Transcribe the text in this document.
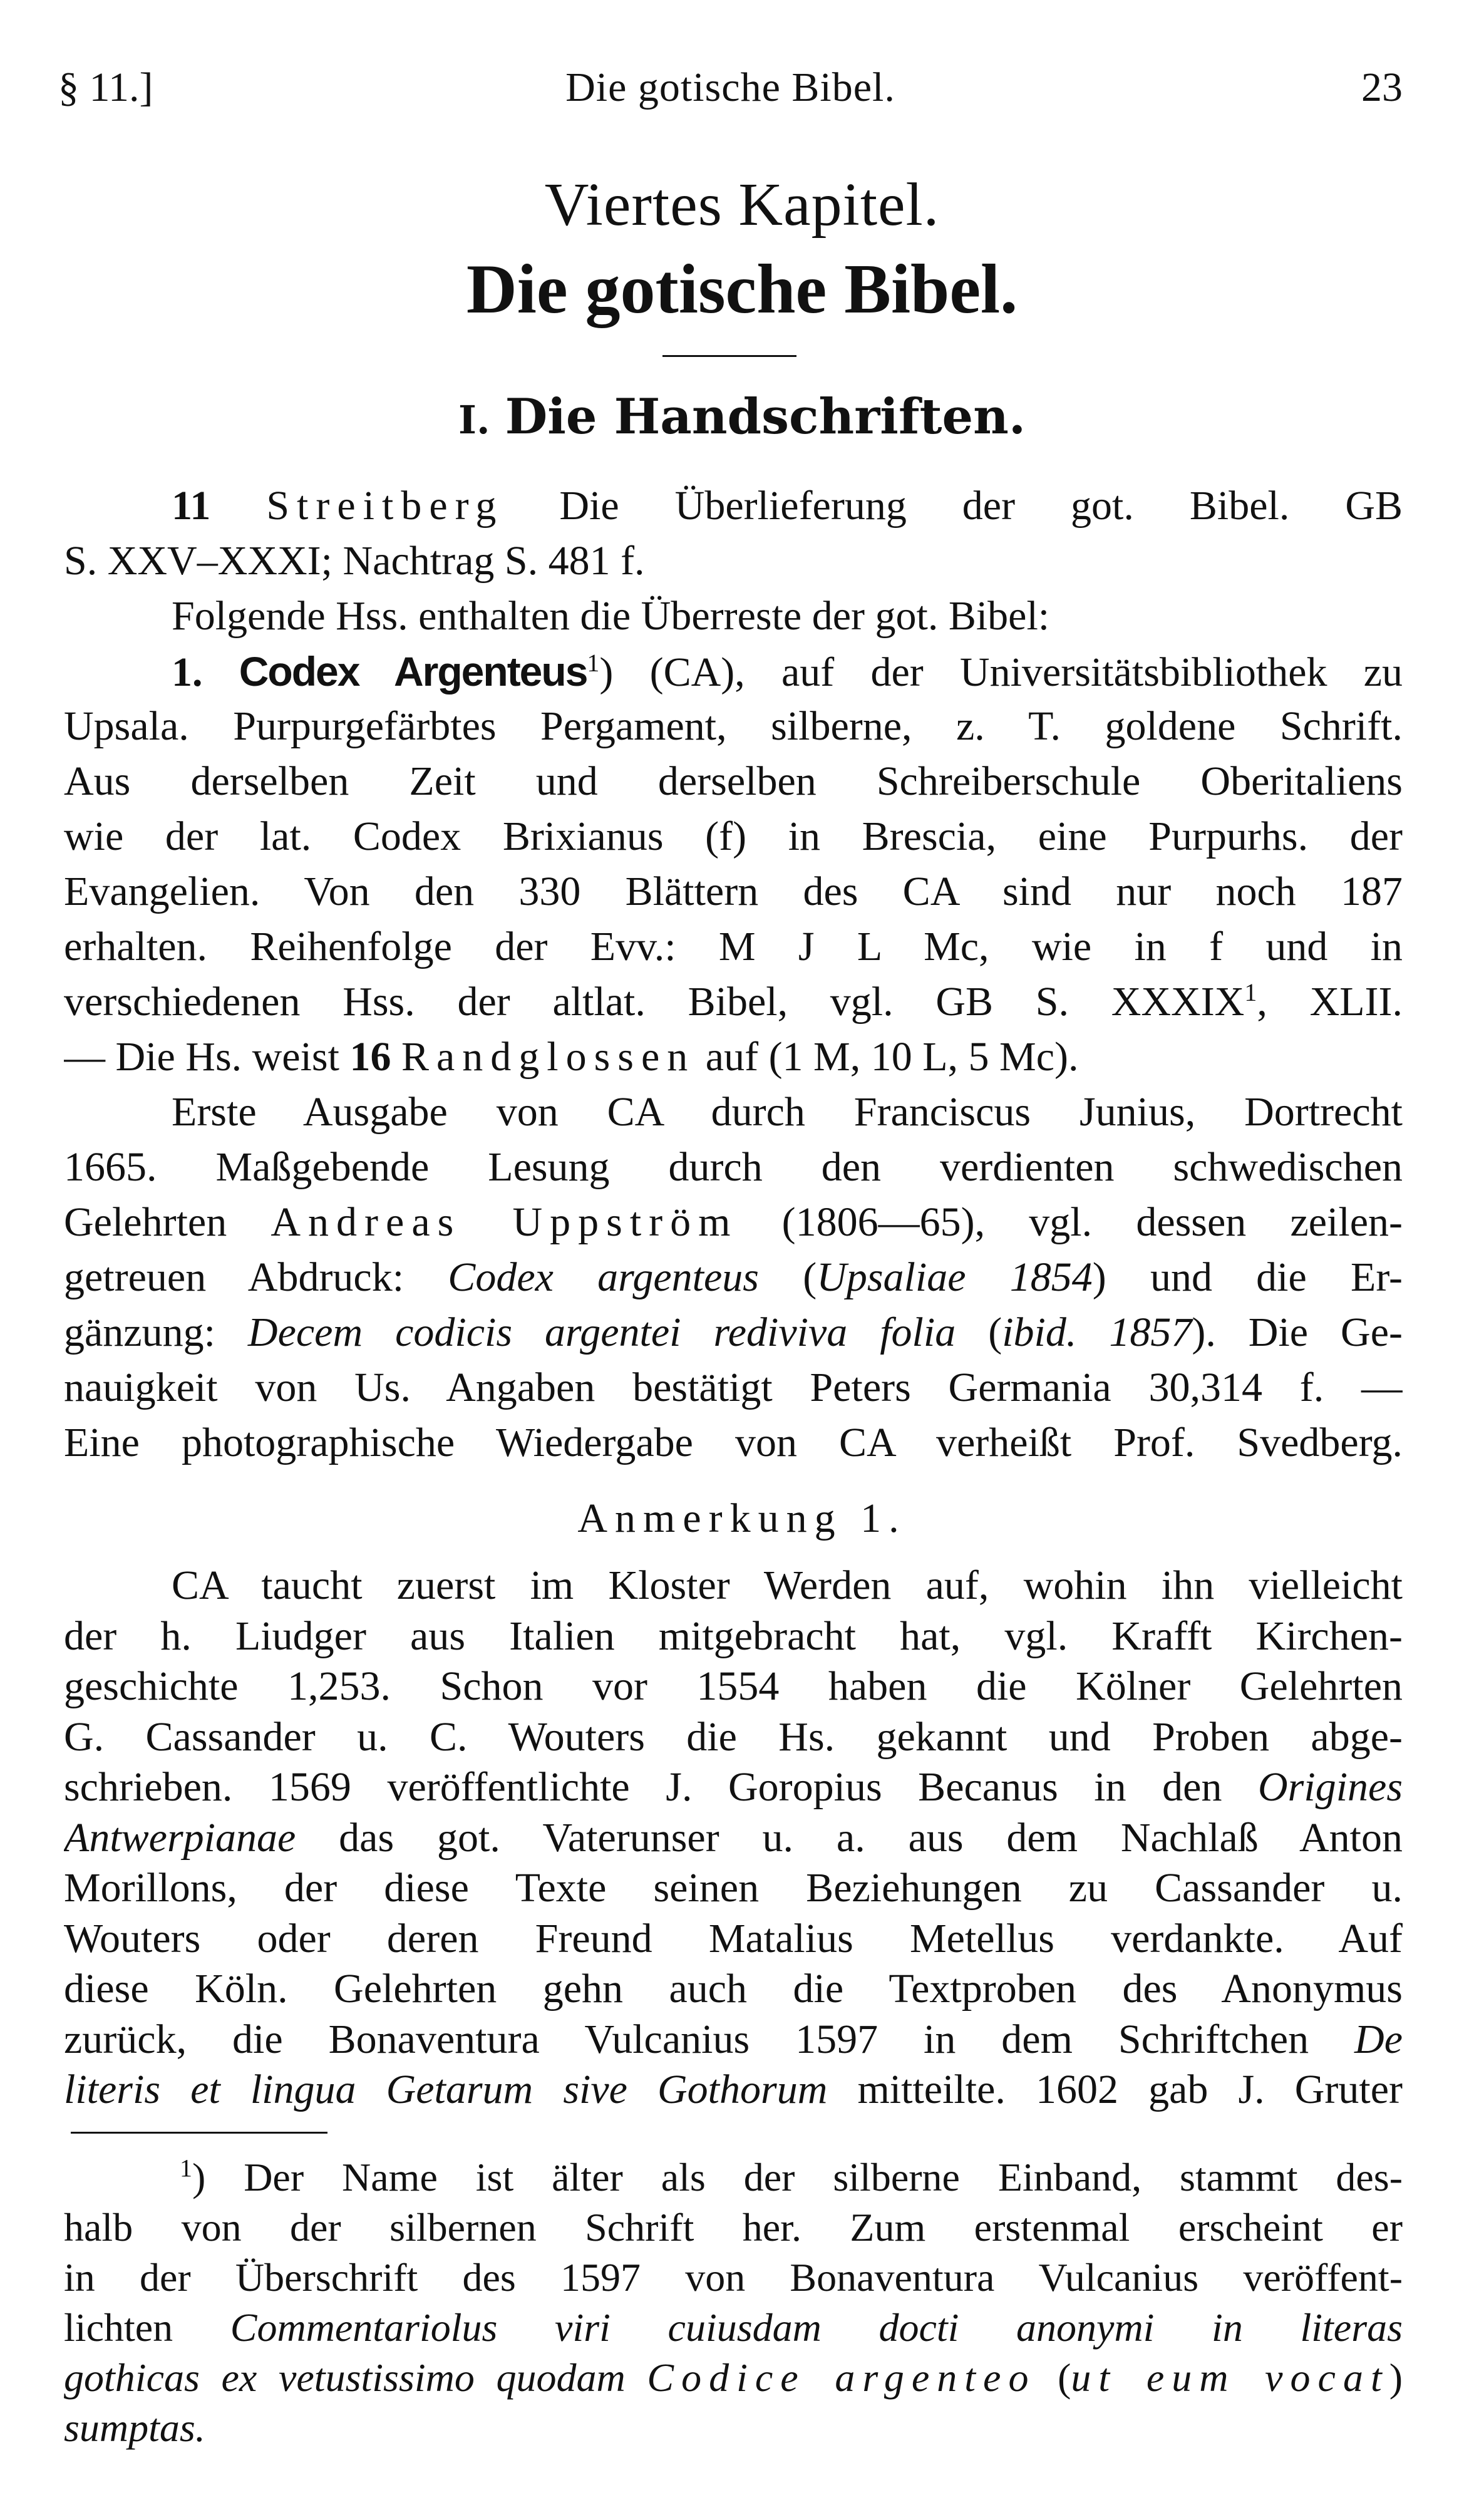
§ 11.]	Die gotische Bibel.	23
Viertes Kapitel.
Die gotische Bibel.
I. Die Handschriften.
11 Streitberg Die Überlieferung der got. Bibel. GB
S. XXV–XXXI; Nachtrag S. 481 f.
Folgende Hss. enthalten die Überreste der got. Bibel:
1. Codex Argenteus$^1$) (CA), auf der Universitätsbibliothek zu
Upsala. Purpurgefärbtes Pergament, silberne, z. T. goldene Schrift.
Aus derselben Zeit und derselben Schreiberschule Oberitaliens
wie der lat. Codex Brixianus (f) in Brescia, eine Purpurhs. der
Evangelien. Von den 330 Blättern des CA sind nur noch 187
erhalten. Reihenfolge der Evv.: M J L Mc, wie in f und in
verschiedenen Hss. der altlat. Bibel, vgl. GB S. XXXIX$^1$, XLII.
— Die Hs. weist 16 Randglossen auf (1 M, 10 L, 5 Mc).
Erste Ausgabe von CA durch Franciscus Junius, Dortrecht
1665. Maßgebende Lesung durch den verdienten schwedischen
Gelehrten Andreas Uppström (1806—65), vgl. dessen zeilen-
getreuen Abdruck: Codex argenteus (Upsaliae 1854) und die Er-
gänzung: Decem codicis argentei rediviva folia (ibid. 1857). Die Ge-
nauigkeit von Us. Angaben bestätigt Peters Germania 30,314 f. —
Eine photographische Wiedergabe von CA verheißt Prof. Svedberg.
Anmerkung 1.
CA taucht zuerst im Kloster Werden auf, wohin ihn vielleicht
der h. Liudger aus Italien mitgebracht hat, vgl. Krafft Kirchen-
geschichte 1,253. Schon vor 1554 haben die Kölner Gelehrten
G. Cassander u. C. Wouters die Hs. gekannt und Proben abge-
schrieben. 1569 veröffentlichte J. Goropius Becanus in den Origines
Antwerpianae das got. Vaterunser u. a. aus dem Nachlaß Anton
Morillons, der diese Texte seinen Beziehungen zu Cassander u.
Wouters oder deren Freund Matalius Metellus verdankte. Auf
diese Köln. Gelehrten gehn auch die Textproben des Anonymus
zurück, die Bonaventura Vulcanius 1597 in dem Schriftchen De
literis et lingua Getarum sive Gothorum mitteilte. 1602 gab J. Gruter
$^1$) Der Name ist älter als der silberne Einband, stammt des-
halb von der silbernen Schrift her. Zum erstenmal erscheint er
in der Überschrift des 1597 von Bonaventura Vulcanius veröffent-
lichten Commentariolus viri cuiusdam docti anonymi in literas
gothicas ex vetustissimo quodam Codice argenteo (ut eum vocat)
sumptas.
